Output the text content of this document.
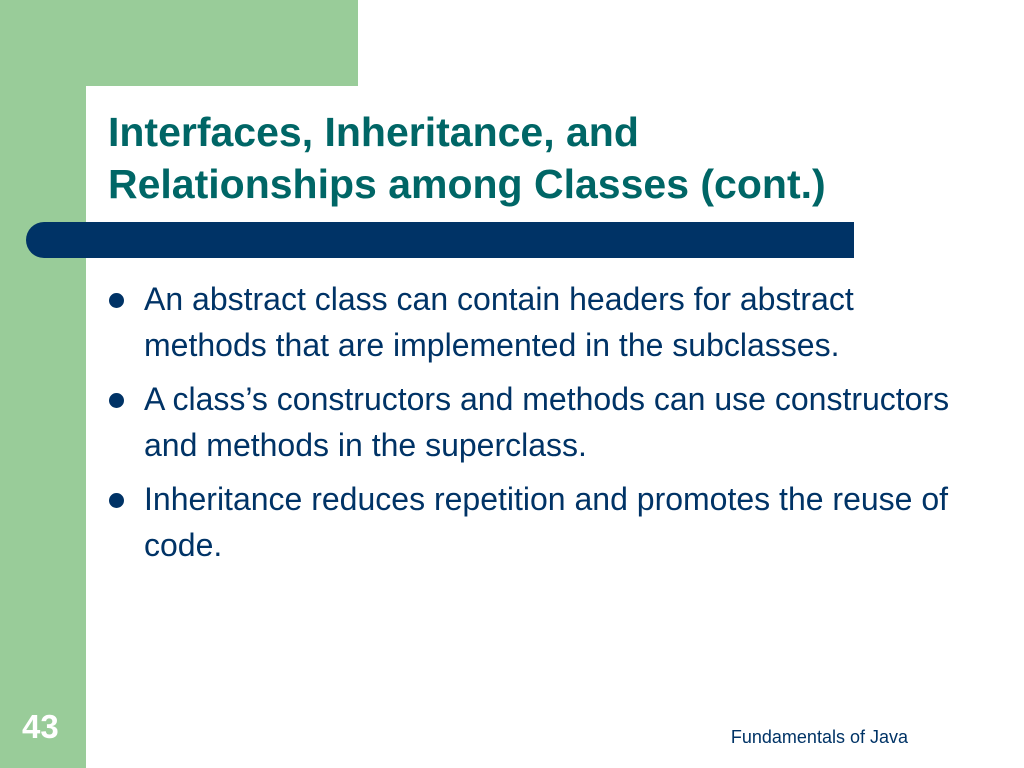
Interfaces, Inheritance, and
Relationships among Classes (cont.)
An abstract class can contain headers for abstract methods that are implemented in the subclasses.
A class’s constructors and methods can use constructors and methods in the superclass.
Inheritance reduces repetition and promotes the reuse of code.
43	Fundamentals of Java
